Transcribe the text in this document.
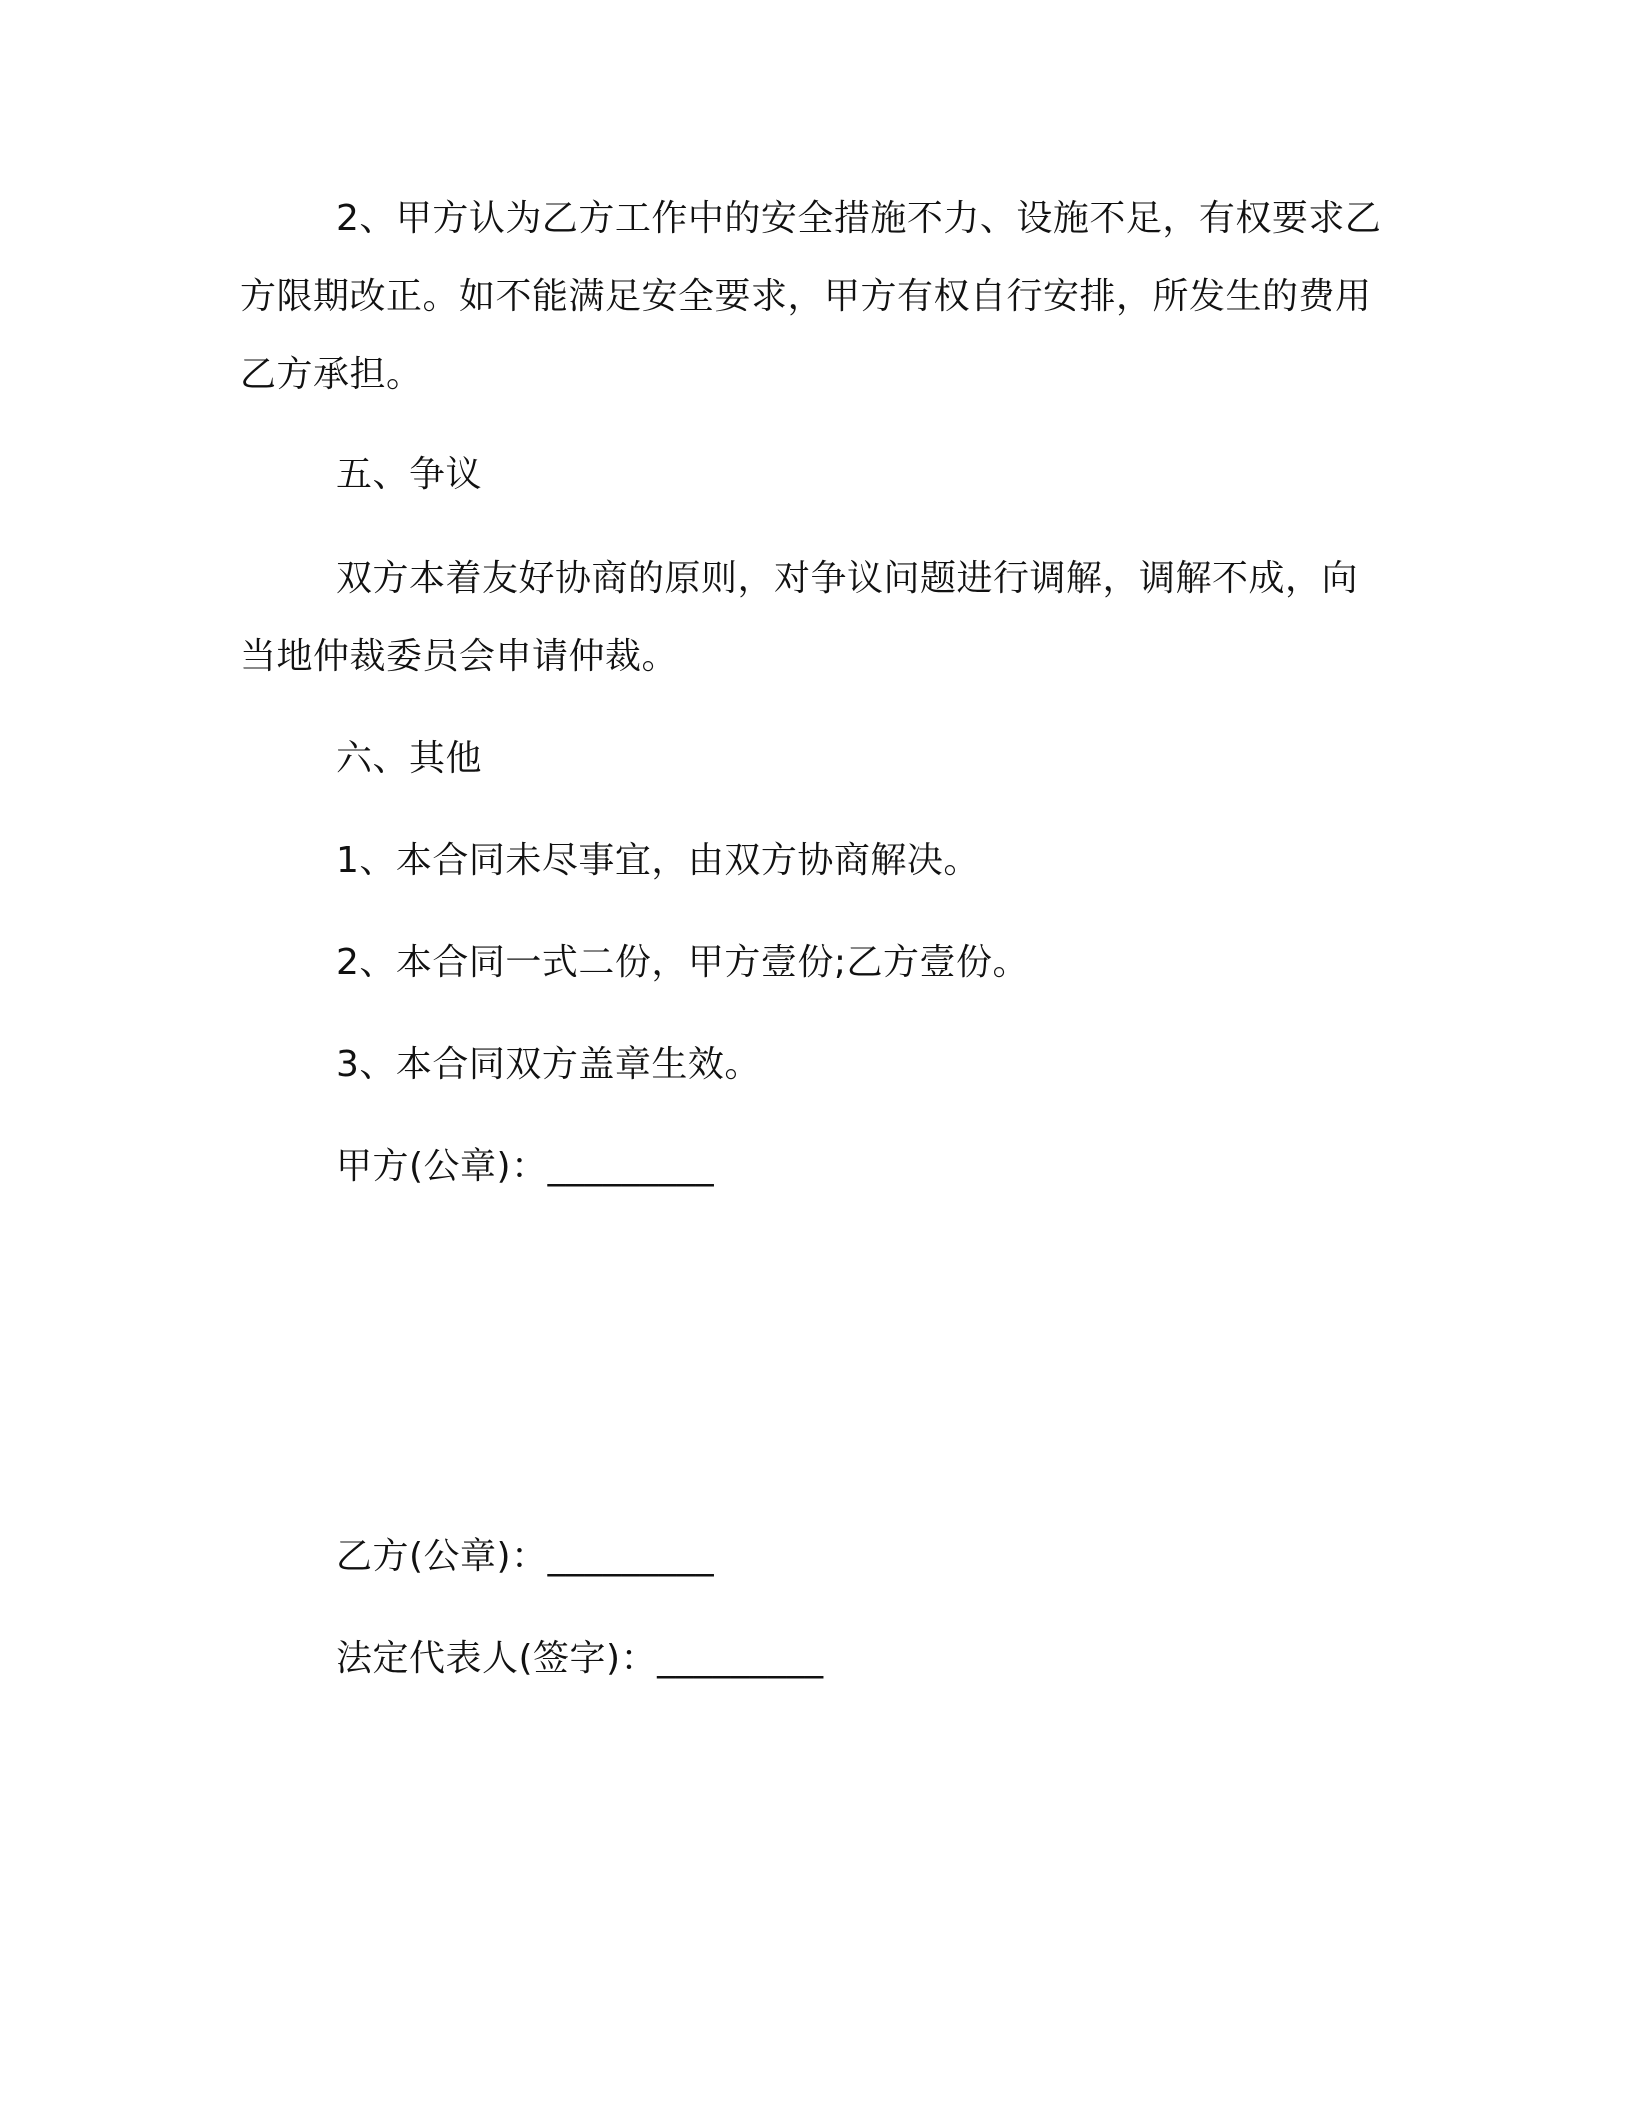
2、甲方认为乙方工作中的安全措施不力、设施不足，有权要求乙方限期改正。如不能满足安全要求，甲方有权自行安排，所发生的费用乙方承担。
五、争议
双方本着友好协商的原则，对争议问题进行调解，调解不成，向当地仲裁委员会申请仲裁。
六、其他
1、本合同未尽事宜，由双方协商解决。
2、本合同一式二份，甲方壹份;乙方壹份。
3、本合同双方盖章生效。
甲方(公章)：_________
乙方(公章)：_________
法定代表人(签字)：_________
